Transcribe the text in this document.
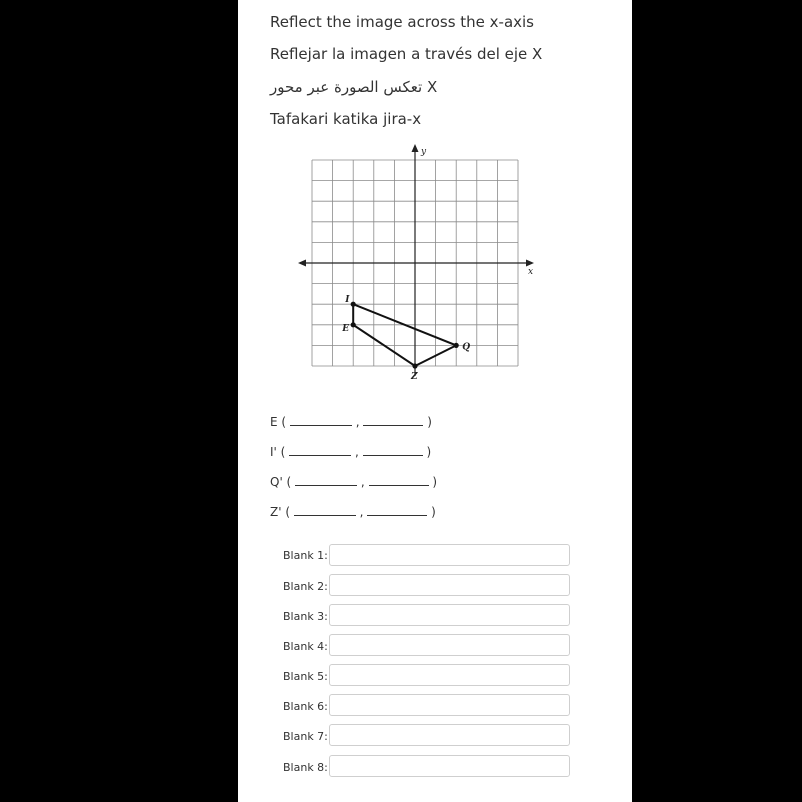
Reflect the image across the x-axis
Reflejar la imagen a través del eje X
تعكس الصورة عبر محور X
Tafakari katika jira-x
x
y
I
E
Z
Q
E (	,	)
I' (	,	)
Q' (	,	)
Z' (	,	)
Blank 1:
Blank 2:
Blank 3:
Blank 4:
Blank 5:
Blank 6:
Blank 7:
Blank 8:
